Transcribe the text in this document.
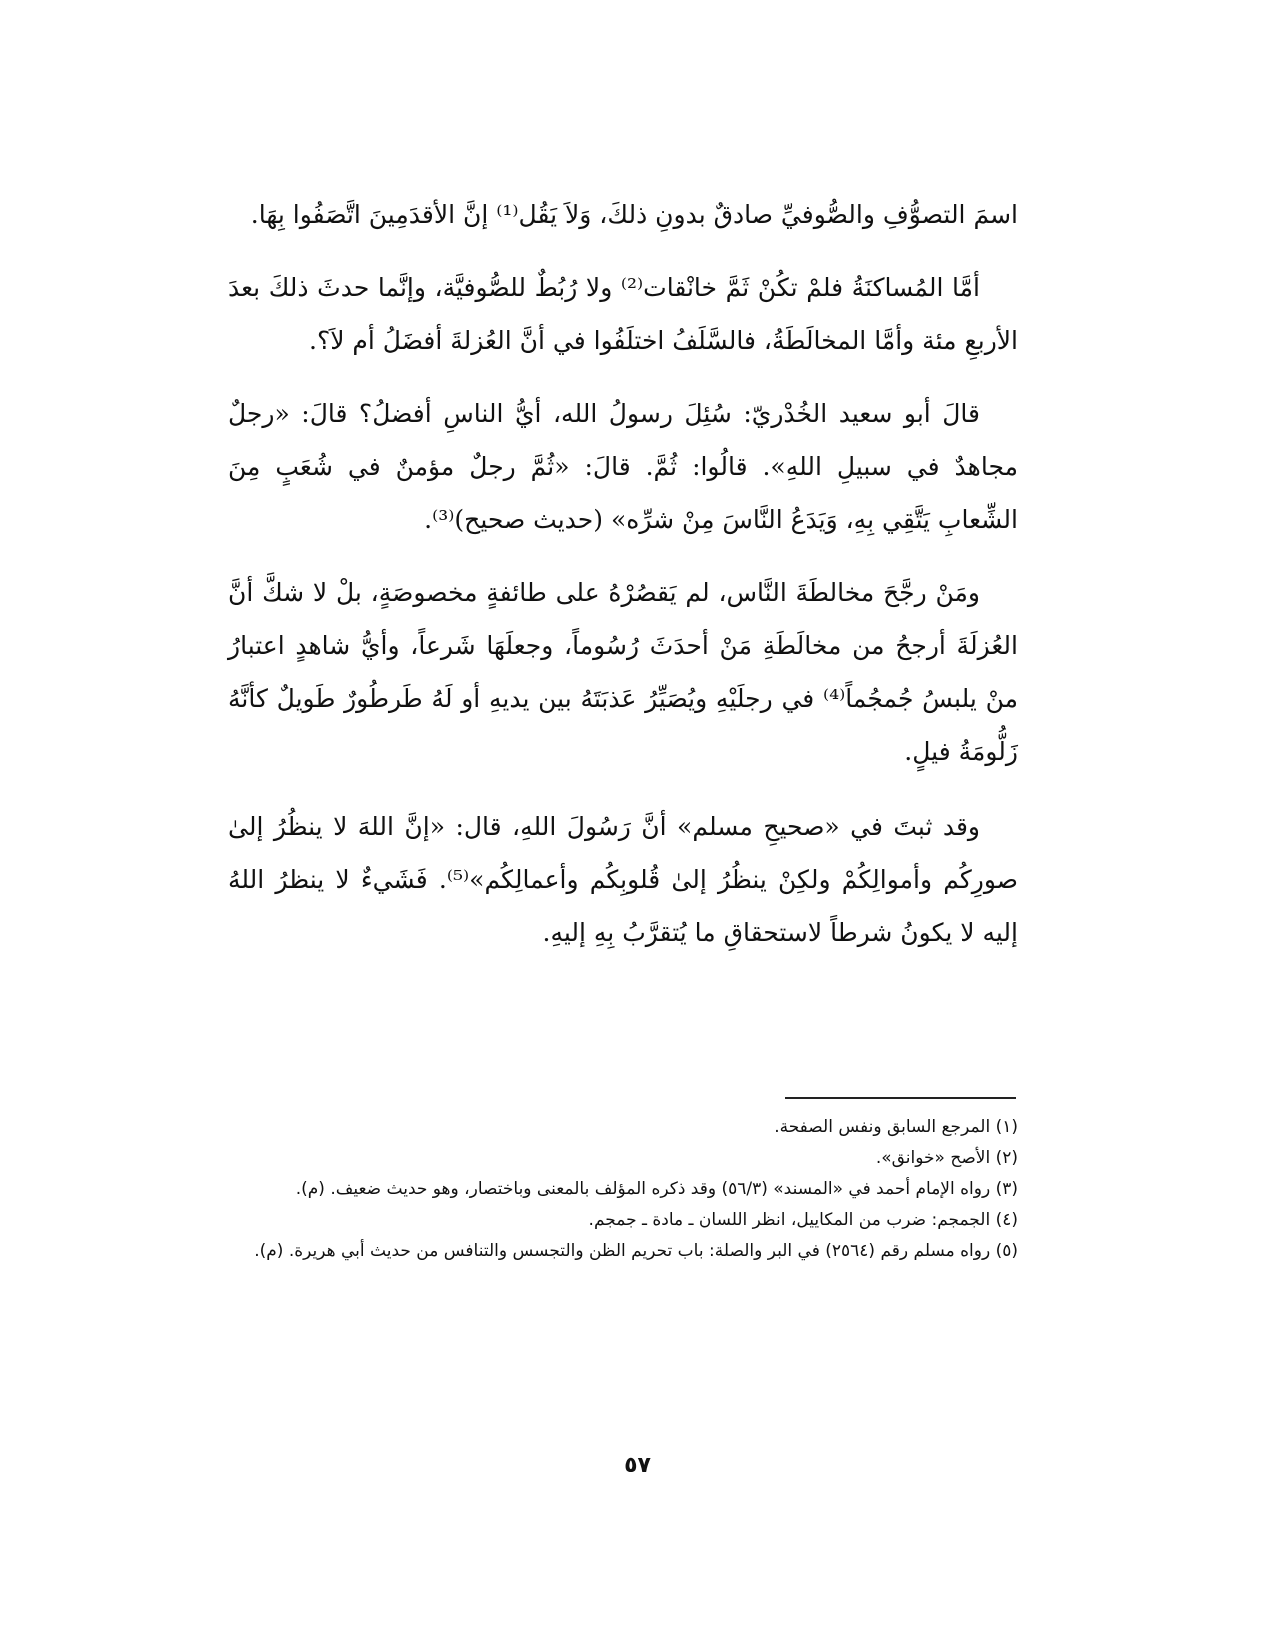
اسمَ التصوُّفِ والصُّوفيِّ صادقٌ بدونِ ذلكَ، وَلاَ يَقُل⁽¹⁾ إنَّ الأقدَمِينَ اتَّصَفُوا بِهَا.

أمَّا المُساكنَةُ فلمْ تكُنْ ثَمَّ خانْقات⁽²⁾ ولا رُبُطٌ للصُّوفيَّة، وإنَّما حدثَ ذلكَ بعدَ الأربعِ مئة وأمَّا المخالَطَةُ، فالسَّلَفُ اختلَفُوا في أنَّ العُزلةَ أفضَلُ أم لاَ؟.

قالَ أبو سعيد الخُدْريّ: سُئِلَ رسولُ الله، أيُّ الناسِ أفضلُ؟ قالَ: «رجلٌ مجاهدٌ في سبيلِ اللهِ». قالُوا: ثُمَّ. قالَ: «ثُمَّ رجلٌ مؤمنٌ في شُعَبٍ مِنَ الشِّعابِ يَتَّقِي بِهِ، وَيَدَعُ النَّاسَ مِنْ شرِّه» (حديث صحيح)⁽³⁾.

ومَنْ رجَّحَ مخالطَةَ النَّاس، لم يَقصُرْهُ على طائفةٍ مخصوصَةٍ، بلْ لا شكَّ أنَّ العُزلَةَ أرجحُ من مخالَطَةِ مَنْ أحدَثَ رُسُوماً، وجعلَهَا شَرعاً، وأيُّ شاهدٍ اعتبارُ منْ يلبسُ جُمجُماً⁽⁴⁾ في رجلَيْهِ ويُصَيِّرُ عَذبَتَهُ بين يديهِ أو لَهُ طَرطُورٌ طَويلٌ كأنَّهُ زَلُّومَةُ فيلٍ.

وقد ثبتَ في «صحيحِ مسلم» أنَّ رَسُولَ اللهِ، قال: «إنَّ اللهَ لا ينظُرُ إلىٰ صورِكُم وأموالِكُمْ ولكِنْ ينظُرُ إلىٰ قُلوبِكُم وأعمالِكُم»⁽⁵⁾. فَشَيءٌ لا ينظرُ اللهُ إليه لا يكونُ شرطاً لاستحقاقِ ما يُتقرَّبُ بِهِ إليهِ.

(١) المرجع السابق ونفس الصفحة.

(٢) الأصح «خوانق».

(٣) رواه الإمام أحمد في «المسند» (٥٦/٣) وقد ذكره المؤلف بالمعنى وباختصار، وهو حديث ضعيف. (م).

(٤) الجمجم: ضرب من المكاييل، انظر اللسان ـ مادة ـ جمجم.

(٥) رواه مسلم رقم (٢٥٦٤) في البر والصلة: باب تحريم الظن والتجسس والتنافس من حديث أبي هريرة. (م).

٥٧
